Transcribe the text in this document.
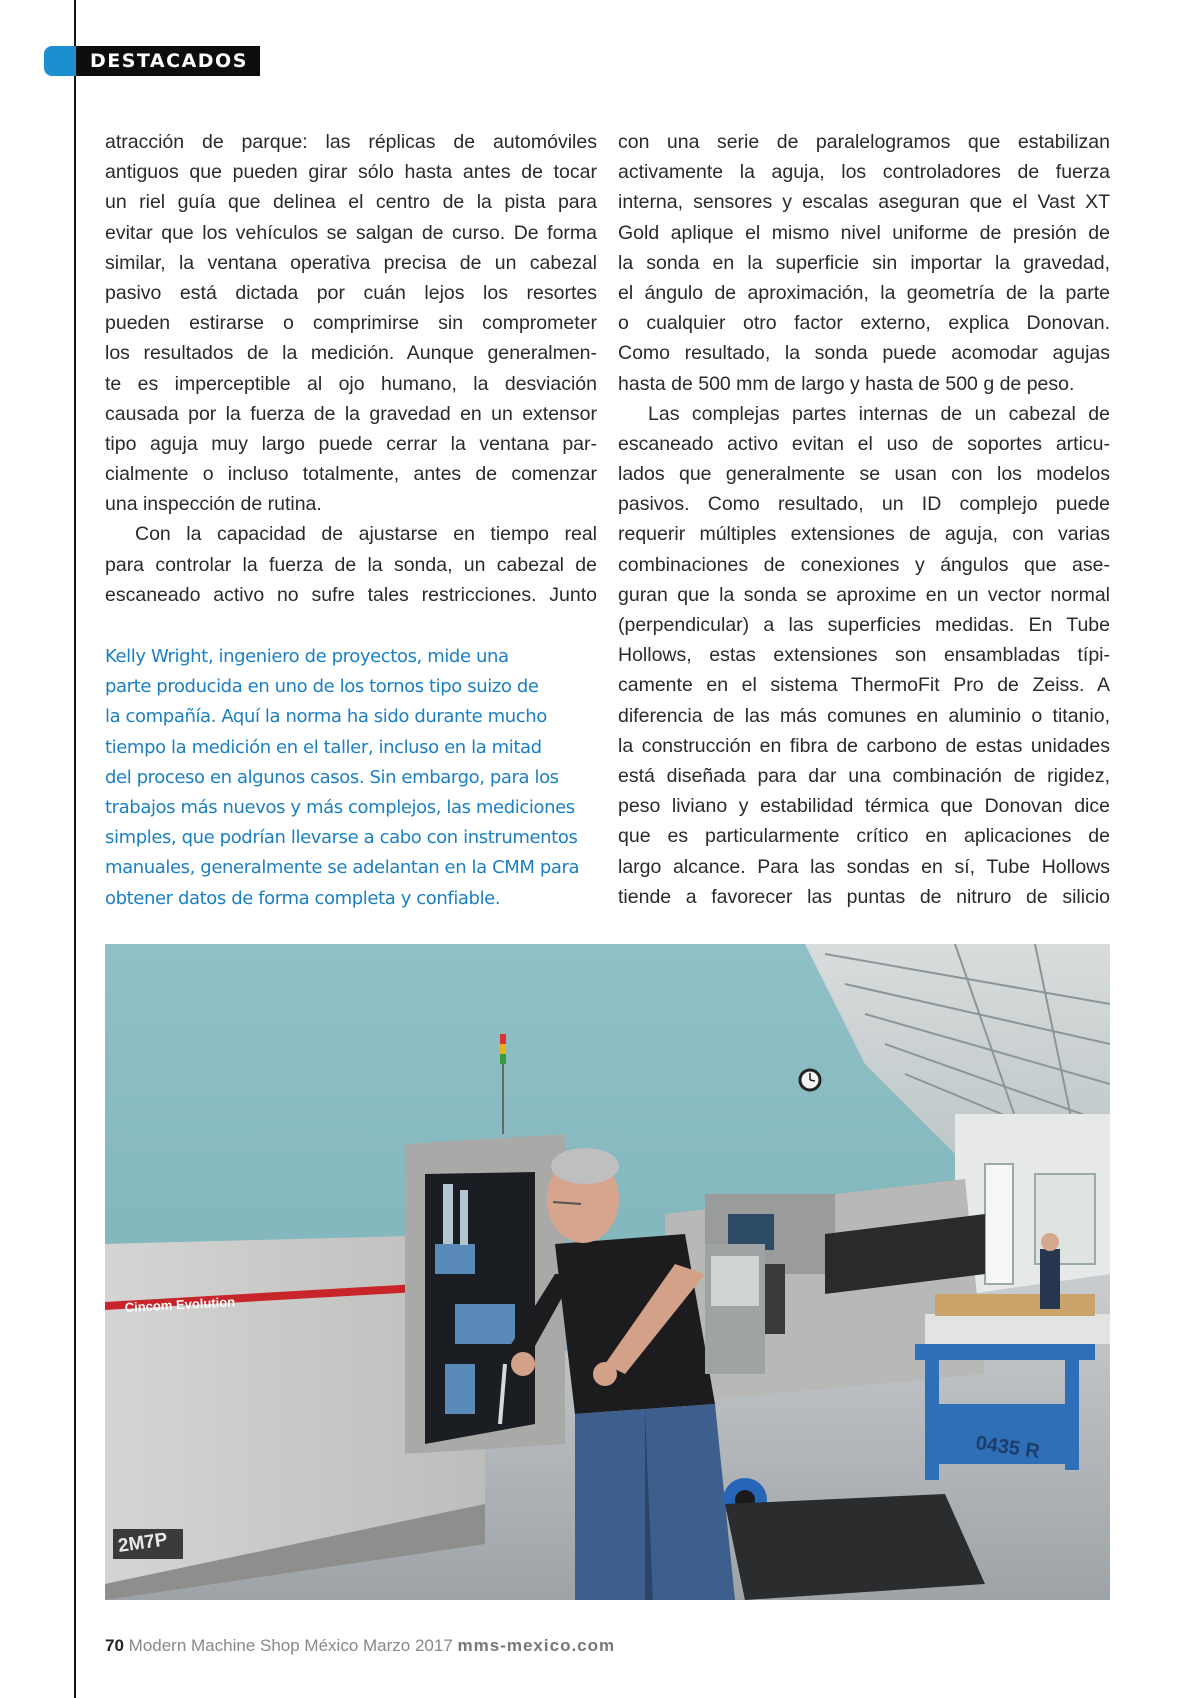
DESTACADOS
atracción de parque: las réplicas de automóviles
antiguos que pueden girar sólo hasta antes de tocar
un riel guía que delinea el centro de la pista para
evitar que los vehículos se salgan de curso. De forma
similar, la ventana operativa precisa de un cabezal
pasivo está dictada por cuán lejos los resortes
pueden estirarse o comprimirse sin comprometer
los resultados de la medición. Aunque generalmen-
te es imperceptible al ojo humano, la desviación
causada por la fuerza de la gravedad en un extensor
tipo aguja muy largo puede cerrar la ventana par-
cialmente o incluso totalmente, antes de comenzar
una inspección de rutina.
Con la capacidad de ajustarse en tiempo real
para controlar la fuerza de la sonda, un cabezal de
escaneado activo no sufre tales restricciones. Junto
Kelly Wright, ingeniero de proyectos, mide una
parte producida en uno de los tornos tipo suizo de
la compañía. Aquí la norma ha sido durante mucho
tiempo la medición en el taller, incluso en la mitad
del proceso en algunos casos. Sin embargo, para los
trabajos más nuevos y más complejos, las mediciones
simples, que podrían llevarse a cabo con instrumentos
manuales, generalmente se adelantan en la CMM para
obtener datos de forma completa y confiable.
con una serie de paralelogramos que estabilizan
activamente la aguja, los controladores de fuerza
interna, sensores y escalas aseguran que el Vast XT
Gold aplique el mismo nivel uniforme de presión de
la sonda en la superficie sin importar la gravedad,
el ángulo de aproximación, la geometría de la parte
o cualquier otro factor externo, explica Donovan.
Como resultado, la sonda puede acomodar agujas
hasta de 500 mm de largo y hasta de 500 g de peso.
Las complejas partes internas de un cabezal de
escaneado activo evitan el uso de soportes articu-
lados que generalmente se usan con los modelos
pasivos. Como resultado, un ID complejo puede
requerir múltiples extensiones de aguja, con varias
combinaciones de conexiones y ángulos que ase-
guran que la sonda se aproxime en un vector normal
(perpendicular) a las superficies medidas. En Tube
Hollows, estas extensiones son ensambladas típi-
camente en el sistema ThermoFit Pro de Zeiss. A
diferencia de las más comunes en aluminio o titanio,
la construcción en fibra de carbono de estas unidades
está diseñada para dar una combinación de rigidez,
peso liviano y estabilidad térmica que Donovan dice
que es particularmente crítico en aplicaciones de
largo alcance. Para las sondas en sí, Tube Hollows
tiende a favorecer las puntas de nitruro de silicio
0435 R
Cincom Evolution
2M7P
70 Modern Machine Shop México Marzo 2017 mms-mexico.com
